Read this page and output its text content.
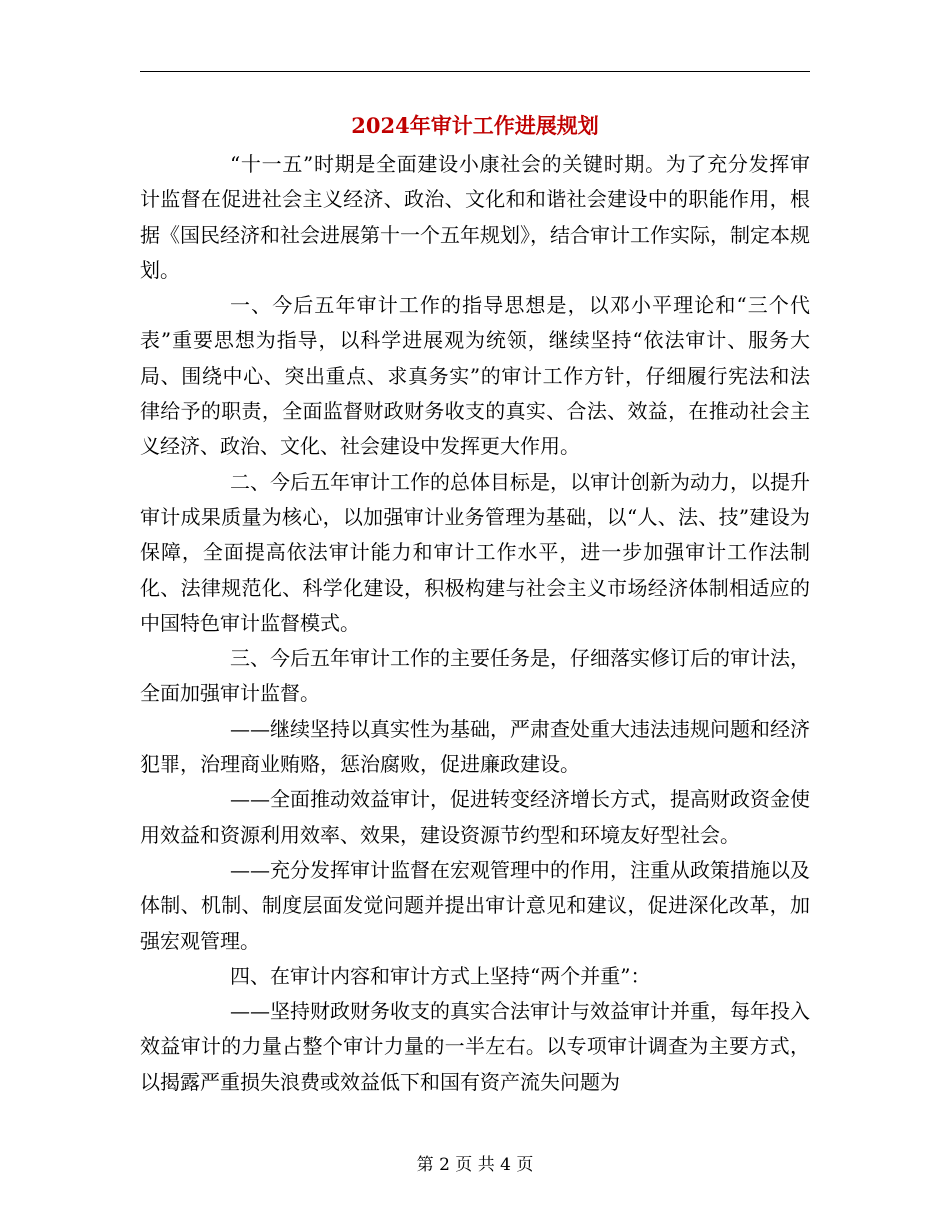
2024年审计工作进展规划

“十一五”时期是全面建设小康社会的关键时期。为了充分发挥审计监督在促进社会主义经济、政治、文化和和谐社会建设中的职能作用，根据《国民经济和社会进展第十一个五年规划》，结合审计工作实际，制定本规划。

一、今后五年审计工作的指导思想是，以邓小平理论和“三个代表”重要思想为指导，以科学进展观为统领，继续坚持“依法审计、服务大局、围绕中心、突出重点、求真务实”的审计工作方针，仔细履行宪法和法律给予的职责，全面监督财政财务收支的真实、合法、效益，在推动社会主义经济、政治、文化、社会建设中发挥更大作用。

二、今后五年审计工作的总体目标是，以审计创新为动力，以提升审计成果质量为核心，以加强审计业务管理为基础，以“人、法、技”建设为保障，全面提高依法审计能力和审计工作水平，进一步加强审计工作法制化、法律规范化、科学化建设，积极构建与社会主义市场经济体制相适应的中国特色审计监督模式。

三、今后五年审计工作的主要任务是，仔细落实修订后的审计法，全面加强审计监督。

——继续坚持以真实性为基础，严肃查处重大违法违规问题和经济犯罪，治理商业贿赂，惩治腐败，促进廉政建设。

——全面推动效益审计，促进转变经济增长方式，提高财政资金使用效益和资源利用效率、效果，建设资源节约型和环境友好型社会。

——充分发挥审计监督在宏观管理中的作用，注重从政策措施以及体制、机制、制度层面发觉问题并提出审计意见和建议，促进深化改革，加强宏观管理。

四、在审计内容和审计方式上坚持“两个并重”：

——坚持财政财务收支的真实合法审计与效益审计并重，每年投入效益审计的力量占整个审计力量的一半左右。以专项审计调查为主要方式，以揭露严重损失浪费或效益低下和国有资产流失问题为

第 2 页 共 4 页
